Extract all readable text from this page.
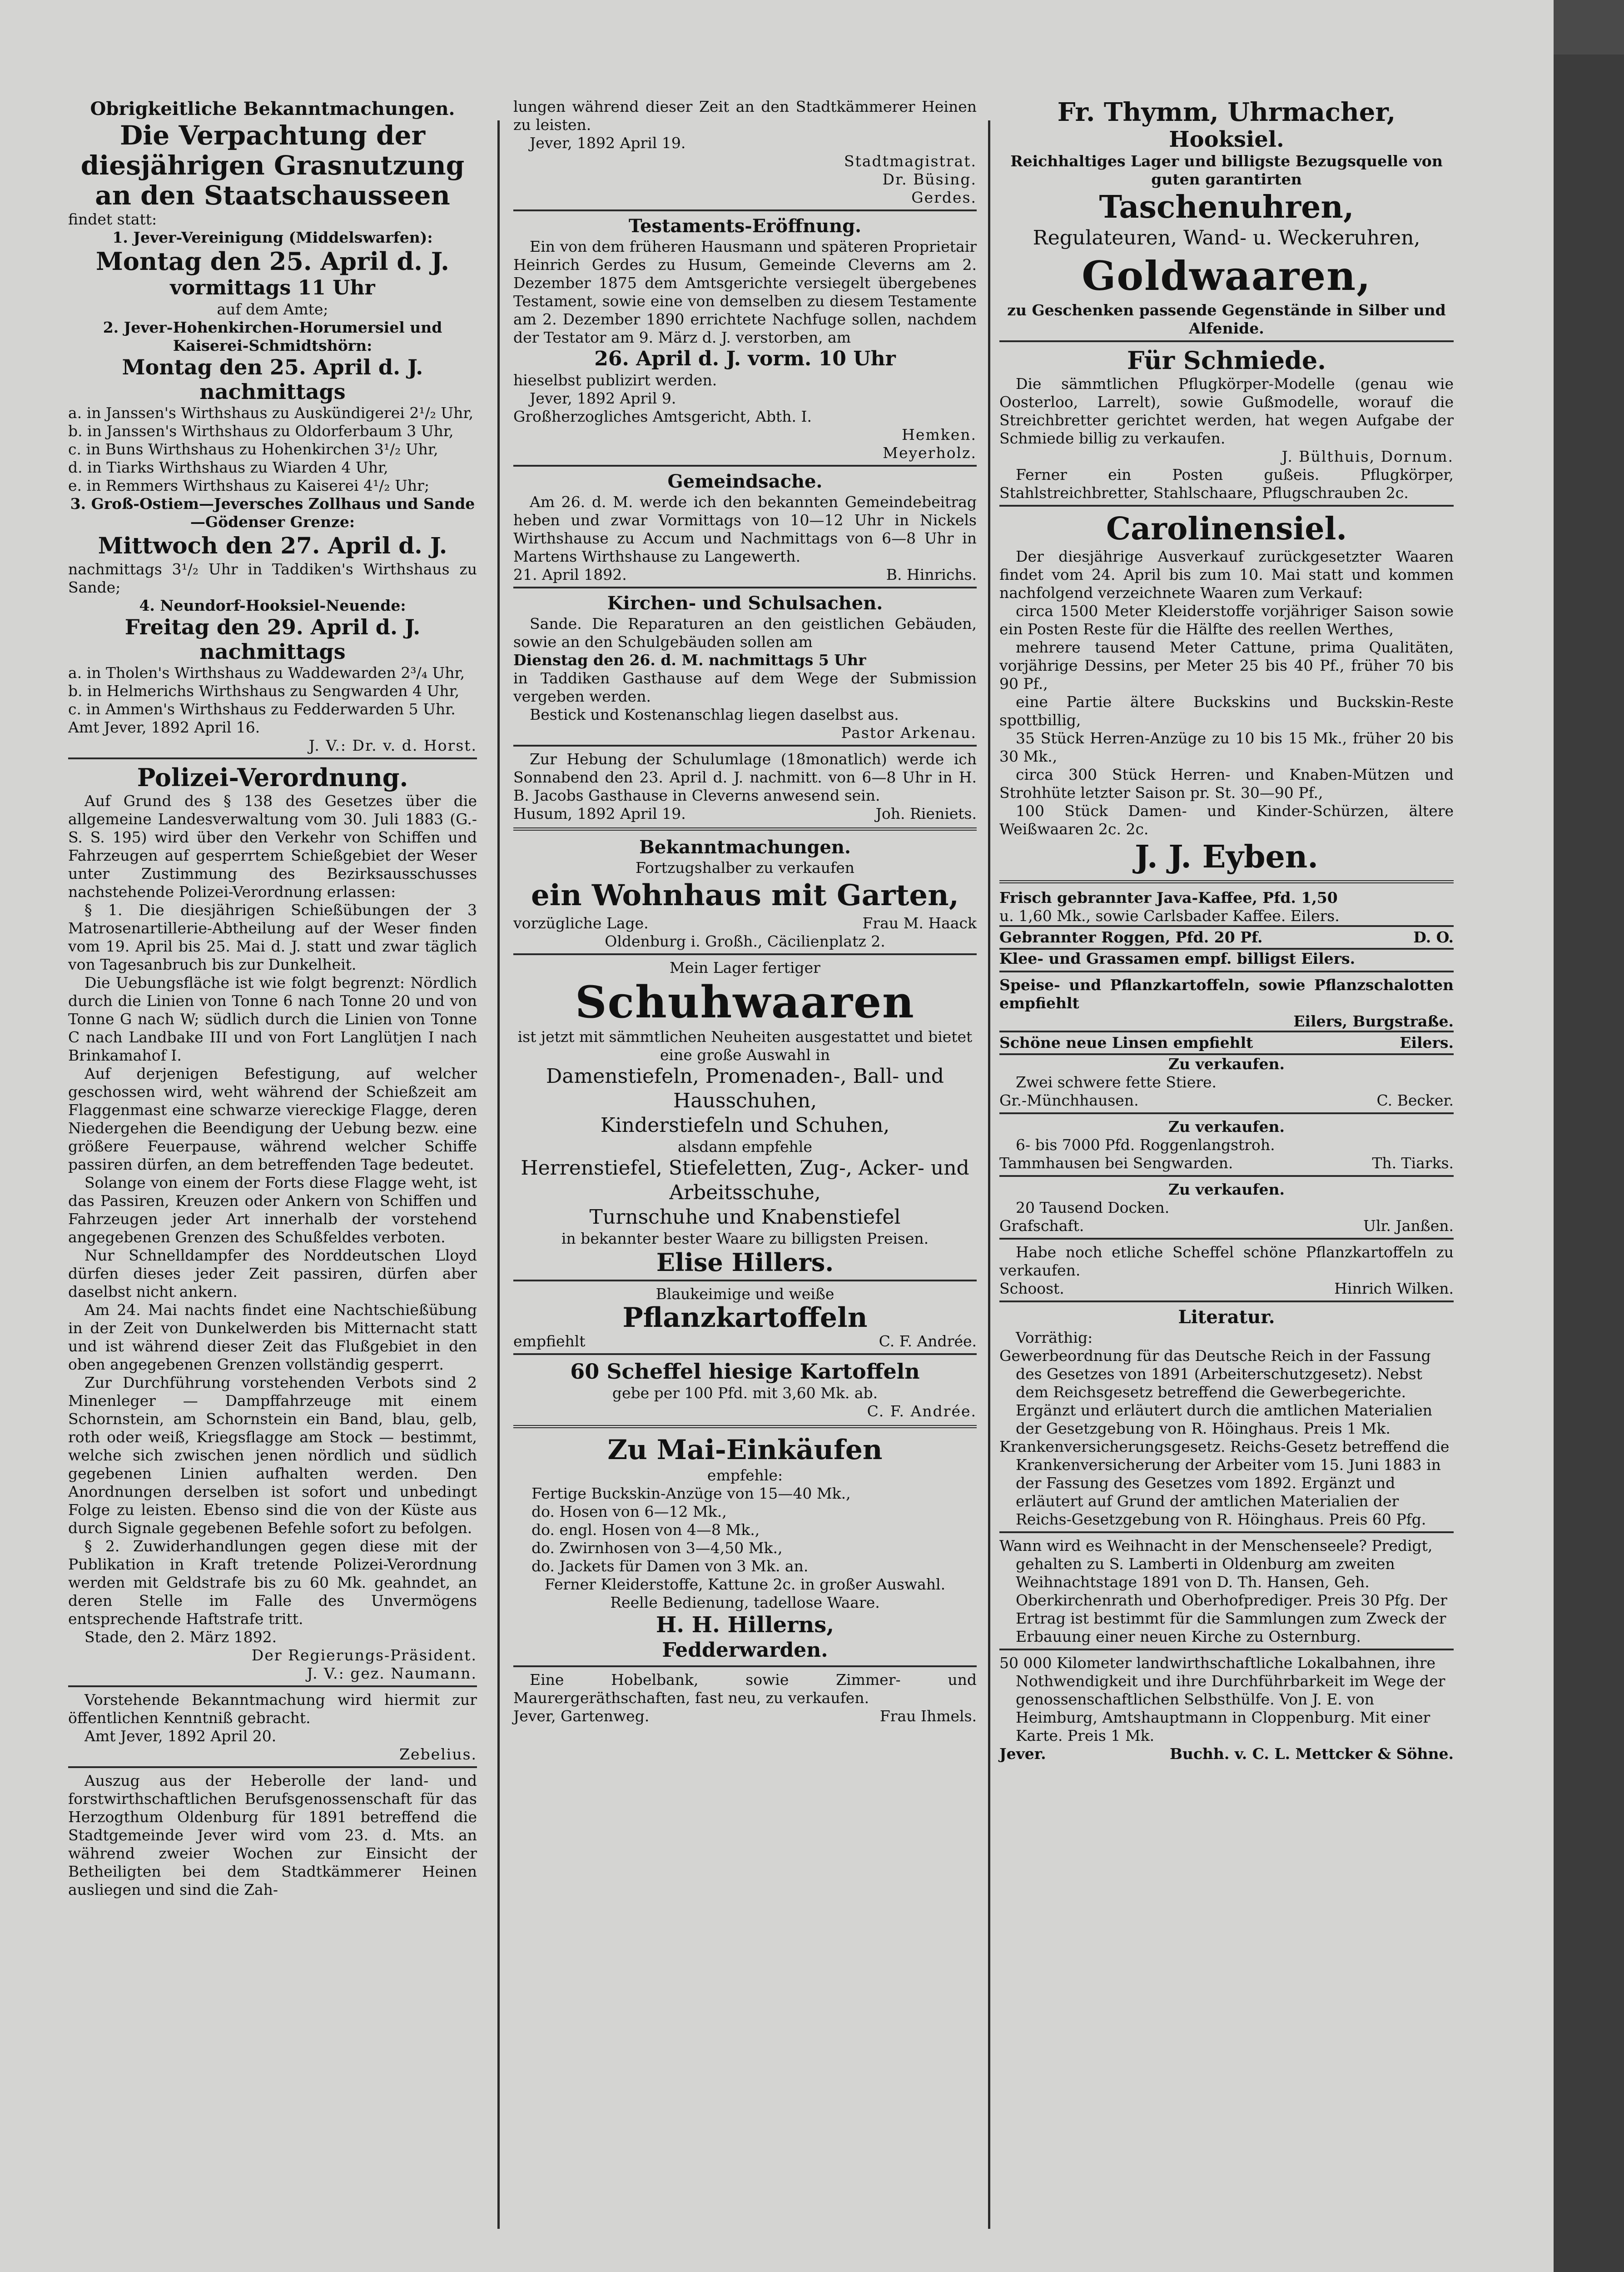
Obrigkeitliche Bekanntmachungen.

Die Verpachtung der diesjährigen Grasnutzung an den Staatschausseen

findet statt:

1. Jever-Vereinigung (Middelswarfen):

Montag den 25. April d. J.

vormittags 11 Uhr

auf dem Amte;

2. Jever-Hohenkirchen-Horumersiel und Kaiserei-Schmidtshörn:

Montag den 25. April d. J. nachmittags

a. in Janssen's Wirthshaus zu Auskündigerei 2¹/₂ Uhr,

b. in Janssen's Wirthshaus zu Oldorferbaum 3 Uhr,

c. in Buns Wirthshaus zu Hohenkirchen 3¹/₂ Uhr,

d. in Tiarks Wirthshaus zu Wiarden 4 Uhr,

e. in Remmers Wirthshaus zu Kaiserei 4¹/₂ Uhr;

3. Groß-Ostiem—Jeversches Zollhaus und Sande—Gödenser Grenze:

Mittwoch den 27. April d. J.

nachmittags 3¹/₂ Uhr in Taddiken's Wirthshaus zu Sande;

4. Neundorf-Hooksiel-Neuende:

Freitag den 29. April d. J. nachmittags

a. in Tholen's Wirthshaus zu Waddewarden 2³/₄ Uhr,

b. in Helmerichs Wirthshaus zu Sengwarden 4 Uhr,

c. in Ammen's Wirthshaus zu Fedderwarden 5 Uhr.

Amt Jever, 1892 April 16.

J. V.: Dr. v. d. Horst.

Polizei-Verordnung.

Auf Grund des § 138 des Gesetzes über die allgemeine Landesverwaltung vom 30. Juli 1883 (G.-S. S. 195) wird über den Verkehr von Schiffen und Fahrzeugen auf gesperrtem Schießgebiet der Weser unter Zustimmung des Bezirksausschusses nachstehende Polizei-Verordnung erlassen:

§ 1. Die diesjährigen Schießübungen der 3 Matrosenartillerie-Abtheilung auf der Weser finden vom 19. April bis 25. Mai d. J. statt und zwar täglich von Tagesanbruch bis zur Dunkelheit.

Die Uebungsfläche ist wie folgt begrenzt: Nördlich durch die Linien von Tonne 6 nach Tonne 20 und von Tonne G nach W; südlich durch die Linien von Tonne C nach Landbake III und von Fort Langlütjen I nach Brinkamahof I.

Auf derjenigen Befestigung, auf welcher geschossen wird, weht während der Schießzeit am Flaggenmast eine schwarze viereckige Flagge, deren Niedergehen die Beendigung der Uebung bezw. eine größere Feuerpause, während welcher Schiffe passiren dürfen, an dem betreffenden Tage bedeutet.

Solange von einem der Forts diese Flagge weht, ist das Passiren, Kreuzen oder Ankern von Schiffen und Fahrzeugen jeder Art innerhalb der vorstehend angegebenen Grenzen des Schußfeldes verboten.

Nur Schnelldampfer des Norddeutschen Lloyd dürfen dieses jeder Zeit passiren, dürfen aber daselbst nicht ankern.

Am 24. Mai nachts findet eine Nachtschießübung in der Zeit von Dunkelwerden bis Mitternacht statt und ist während dieser Zeit das Flußgebiet in den oben angegebenen Grenzen vollständig gesperrt.

Zur Durchführung vorstehenden Verbots sind 2 Minenleger — Dampffahrzeuge mit einem Schornstein, am Schornstein ein Band, blau, gelb, roth oder weiß, Kriegsflagge am Stock — bestimmt, welche sich zwischen jenen nördlich und südlich gegebenen Linien aufhalten werden. Den Anordnungen derselben ist sofort und unbedingt Folge zu leisten. Ebenso sind die von der Küste aus durch Signale gegebenen Befehle sofort zu befolgen.

§ 2. Zuwiderhandlungen gegen diese mit der Publikation in Kraft tretende Polizei-Verordnung werden mit Geldstrafe bis zu 60 Mk. geahndet, an deren Stelle im Falle des Unvermögens entsprechende Haftstrafe tritt.

Stade, den 2. März 1892.

Der Regierungs-Präsident.

J. V.: gez. Naumann.

Vorstehende Bekanntmachung wird hiermit zur öffentlichen Kenntniß gebracht.

Amt Jever, 1892 April 20.

Zebelius.

Auszug aus der Heberolle der land- und forstwirthschaftlichen Berufsgenossenschaft für das Herzogthum Oldenburg für 1891 betreffend die Stadtgemeinde Jever wird vom 23. d. Mts. an während zweier Wochen zur Einsicht der Betheiligten bei dem Stadtkämmerer Heinen ausliegen und sind die Zah-

lungen während dieser Zeit an den Stadtkämmerer Heinen zu leisten.

Jever, 1892 April 19.

Stadtmagistrat.

Dr. Büsing.

Gerdes.

Testaments-Eröffnung.

Ein von dem früheren Hausmann und späteren Proprietair Heinrich Gerdes zu Husum, Gemeinde Cleverns am 2. Dezember 1875 dem Amtsgerichte versiegelt übergebenes Testament, sowie eine von demselben zu diesem Testamente am 2. Dezember 1890 errichtete Nachfuge sollen, nachdem der Testator am 9. März d. J. verstorben, am

26. April d. J. vorm. 10 Uhr

hieselbst publizirt werden.

Jever, 1892 April 9.

Großherzogliches Amtsgericht, Abth. I.

Hemken.

Meyerholz.

Gemeindsache.

Am 26. d. M. werde ich den bekannten Gemeindebeitrag heben und zwar Vormittags von 10—12 Uhr in Nickels Wirthshause zu Accum und Nachmittags von 6—8 Uhr in Martens Wirthshause zu Langewerth.

21. April 1892.	B. Hinrichs.

Kirchen- und Schulsachen.

Sande. Die Reparaturen an den geistlichen Gebäuden, sowie an den Schulgebäuden sollen am

Dienstag den 26. d. M. nachmittags 5 Uhr

in Taddiken Gasthause auf dem Wege der Submission vergeben werden.

Bestick und Kostenanschlag liegen daselbst aus.

Pastor Arkenau.

Zur Hebung der Schulumlage (18monatlich) werde ich Sonnabend den 23. April d. J. nachmitt. von 6—8 Uhr in H. B. Jacobs Gasthause in Cleverns anwesend sein.

Husum, 1892 April 19.	Joh. Rieniets.

Bekanntmachungen.

Fortzugshalber zu verkaufen

ein Wohnhaus mit Garten,

vorzügliche Lage.	Frau M. Haack

Oldenburg i. Großh., Cäcilienplatz 2.

Mein Lager fertiger

Schuhwaaren

ist jetzt mit sämmtlichen Neuheiten ausgestattet und bietet eine große Auswahl in

Damenstiefeln, Promenaden-, Ball- und Hausschuhen,

Kinderstiefeln und Schuhen,

alsdann empfehle

Herrenstiefel, Stiefeletten, Zug-, Acker- und Arbeitsschuhe,

Turnschuhe und Knabenstiefel

in bekannter bester Waare zu billigsten Preisen.

Elise Hillers.

Blaukeimige und weiße

Pflanzkartoffeln

empfiehlt	C. F. Andrée.

60 Scheffel hiesige Kartoffeln

gebe per 100 Pfd. mit 3,60 Mk. ab.

C. F. Andrée.

Zu Mai-Einkäufen

empfehle:

Fertige Buckskin-Anzüge von 15—40 Mk.,

do. Hosen von 6—12 Mk.,

do. engl. Hosen von 4—8 Mk.,

do. Zwirnhosen von 3—4,50 Mk.,

do. Jackets für Damen von 3 Mk. an.

Ferner Kleiderstoffe, Kattune 2c. in großer Auswahl.

Reelle Bedienung, tadellose Waare.

H. H. Hillerns,

Fedderwarden.

Eine Hobelbank, sowie Zimmer- und Maurergeräthschaften, fast neu, zu verkaufen.

Jever, Gartenweg.	Frau Ihmels.

Fr. Thymm, Uhrmacher,

Hooksiel.

Reichhaltiges Lager und billigste Bezugsquelle von guten garantirten

Taschenuhren,

Regulateuren, Wand- u. Weckeruhren,

Goldwaaren,

zu Geschenken passende Gegenstände in Silber und Alfenide.

Für Schmiede.

Die sämmtlichen Pflugkörper-Modelle (genau wie Oosterloo, Larrelt), sowie Gußmodelle, worauf die Streichbretter gerichtet werden, hat wegen Aufgabe der Schmiede billig zu verkaufen.

J. Bülthuis, Dornum.

Ferner ein Posten gußeis. Pflugkörper, Stahlstreichbretter, Stahlschaare, Pflugschrauben 2c.

Carolinensiel.

Der diesjährige Ausverkauf zurückgesetzter Waaren findet vom 24. April bis zum 10. Mai statt und kommen nachfolgend verzeichnete Waaren zum Verkauf:

circa 1500 Meter Kleiderstoffe vorjähriger Saison sowie ein Posten Reste für die Hälfte des reellen Werthes,

mehrere tausend Meter Cattune, prima Qualitäten, vorjährige Dessins, per Meter 25 bis 40 Pf., früher 70 bis 90 Pf.,

eine Partie ältere Buckskins und Buckskin-Reste spottbillig,

35 Stück Herren-Anzüge zu 10 bis 15 Mk., früher 20 bis 30 Mk.,

circa 300 Stück Herren- und Knaben-Mützen und Strohhüte letzter Saison pr. St. 30—90 Pf.,

100 Stück Damen- und Kinder-Schürzen, ältere Weißwaaren 2c. 2c.

J. J. Eyben.

Frisch gebrannter Java-Kaffee, Pfd. 1,50

u. 1,60 Mk., sowie Carlsbader Kaffee. Eilers.

Gebrannter Roggen, Pfd. 20 Pf.	D. O.

Klee- und Grassamen empf. billigst Eilers.

Speise- und Pflanzkartoffeln, sowie Pflanzschalotten empfiehlt

Eilers, Burgstraße.

Schöne neue Linsen empfiehlt	Eilers.

Zu verkaufen.

Zwei schwere fette Stiere.

Gr.-Münchhausen.	C. Becker.

Zu verkaufen.

6- bis 7000 Pfd. Roggenlangstroh.

Tammhausen bei Sengwarden.	Th. Tiarks.

Zu verkaufen.

20 Tausend Docken.

Grafschaft.	Ulr. Janßen.

Habe noch etliche Scheffel schöne Pflanzkartoffeln zu verkaufen.

Schoost.	Hinrich Wilken.

Literatur.

Vorräthig:

Gewerbeordnung für das Deutsche Reich in der Fassung des Gesetzes von 1891 (Arbeiterschutzgesetz). Nebst dem Reichsgesetz betreffend die Gewerbegerichte. Ergänzt und erläutert durch die amtlichen Materialien der Gesetzgebung von R. Höinghaus. Preis 1 Mk.

Krankenversicherungsgesetz. Reichs-Gesetz betreffend die Krankenversicherung der Arbeiter vom 15. Juni 1883 in der Fassung des Gesetzes vom 1892. Ergänzt und erläutert auf Grund der amtlichen Materialien der Reichs-Gesetzgebung von R. Höinghaus. Preis 60 Pfg.

Wann wird es Weihnacht in der Menschenseele? Predigt, gehalten zu S. Lamberti in Oldenburg am zweiten Weihnachtstage 1891 von D. Th. Hansen, Geh. Oberkirchenrath und Oberhofprediger. Preis 30 Pfg. Der Ertrag ist bestimmt für die Sammlungen zum Zweck der Erbauung einer neuen Kirche zu Osternburg.

50 000 Kilometer landwirthschaftliche Lokalbahnen, ihre Nothwendigkeit und ihre Durchführbarkeit im Wege der genossenschaftlichen Selbsthülfe. Von J. E. von Heimburg, Amtshauptmann in Cloppenburg. Mit einer Karte. Preis 1 Mk.

Jever.	Buchh. v. C. L. Mettcker & Söhne.
